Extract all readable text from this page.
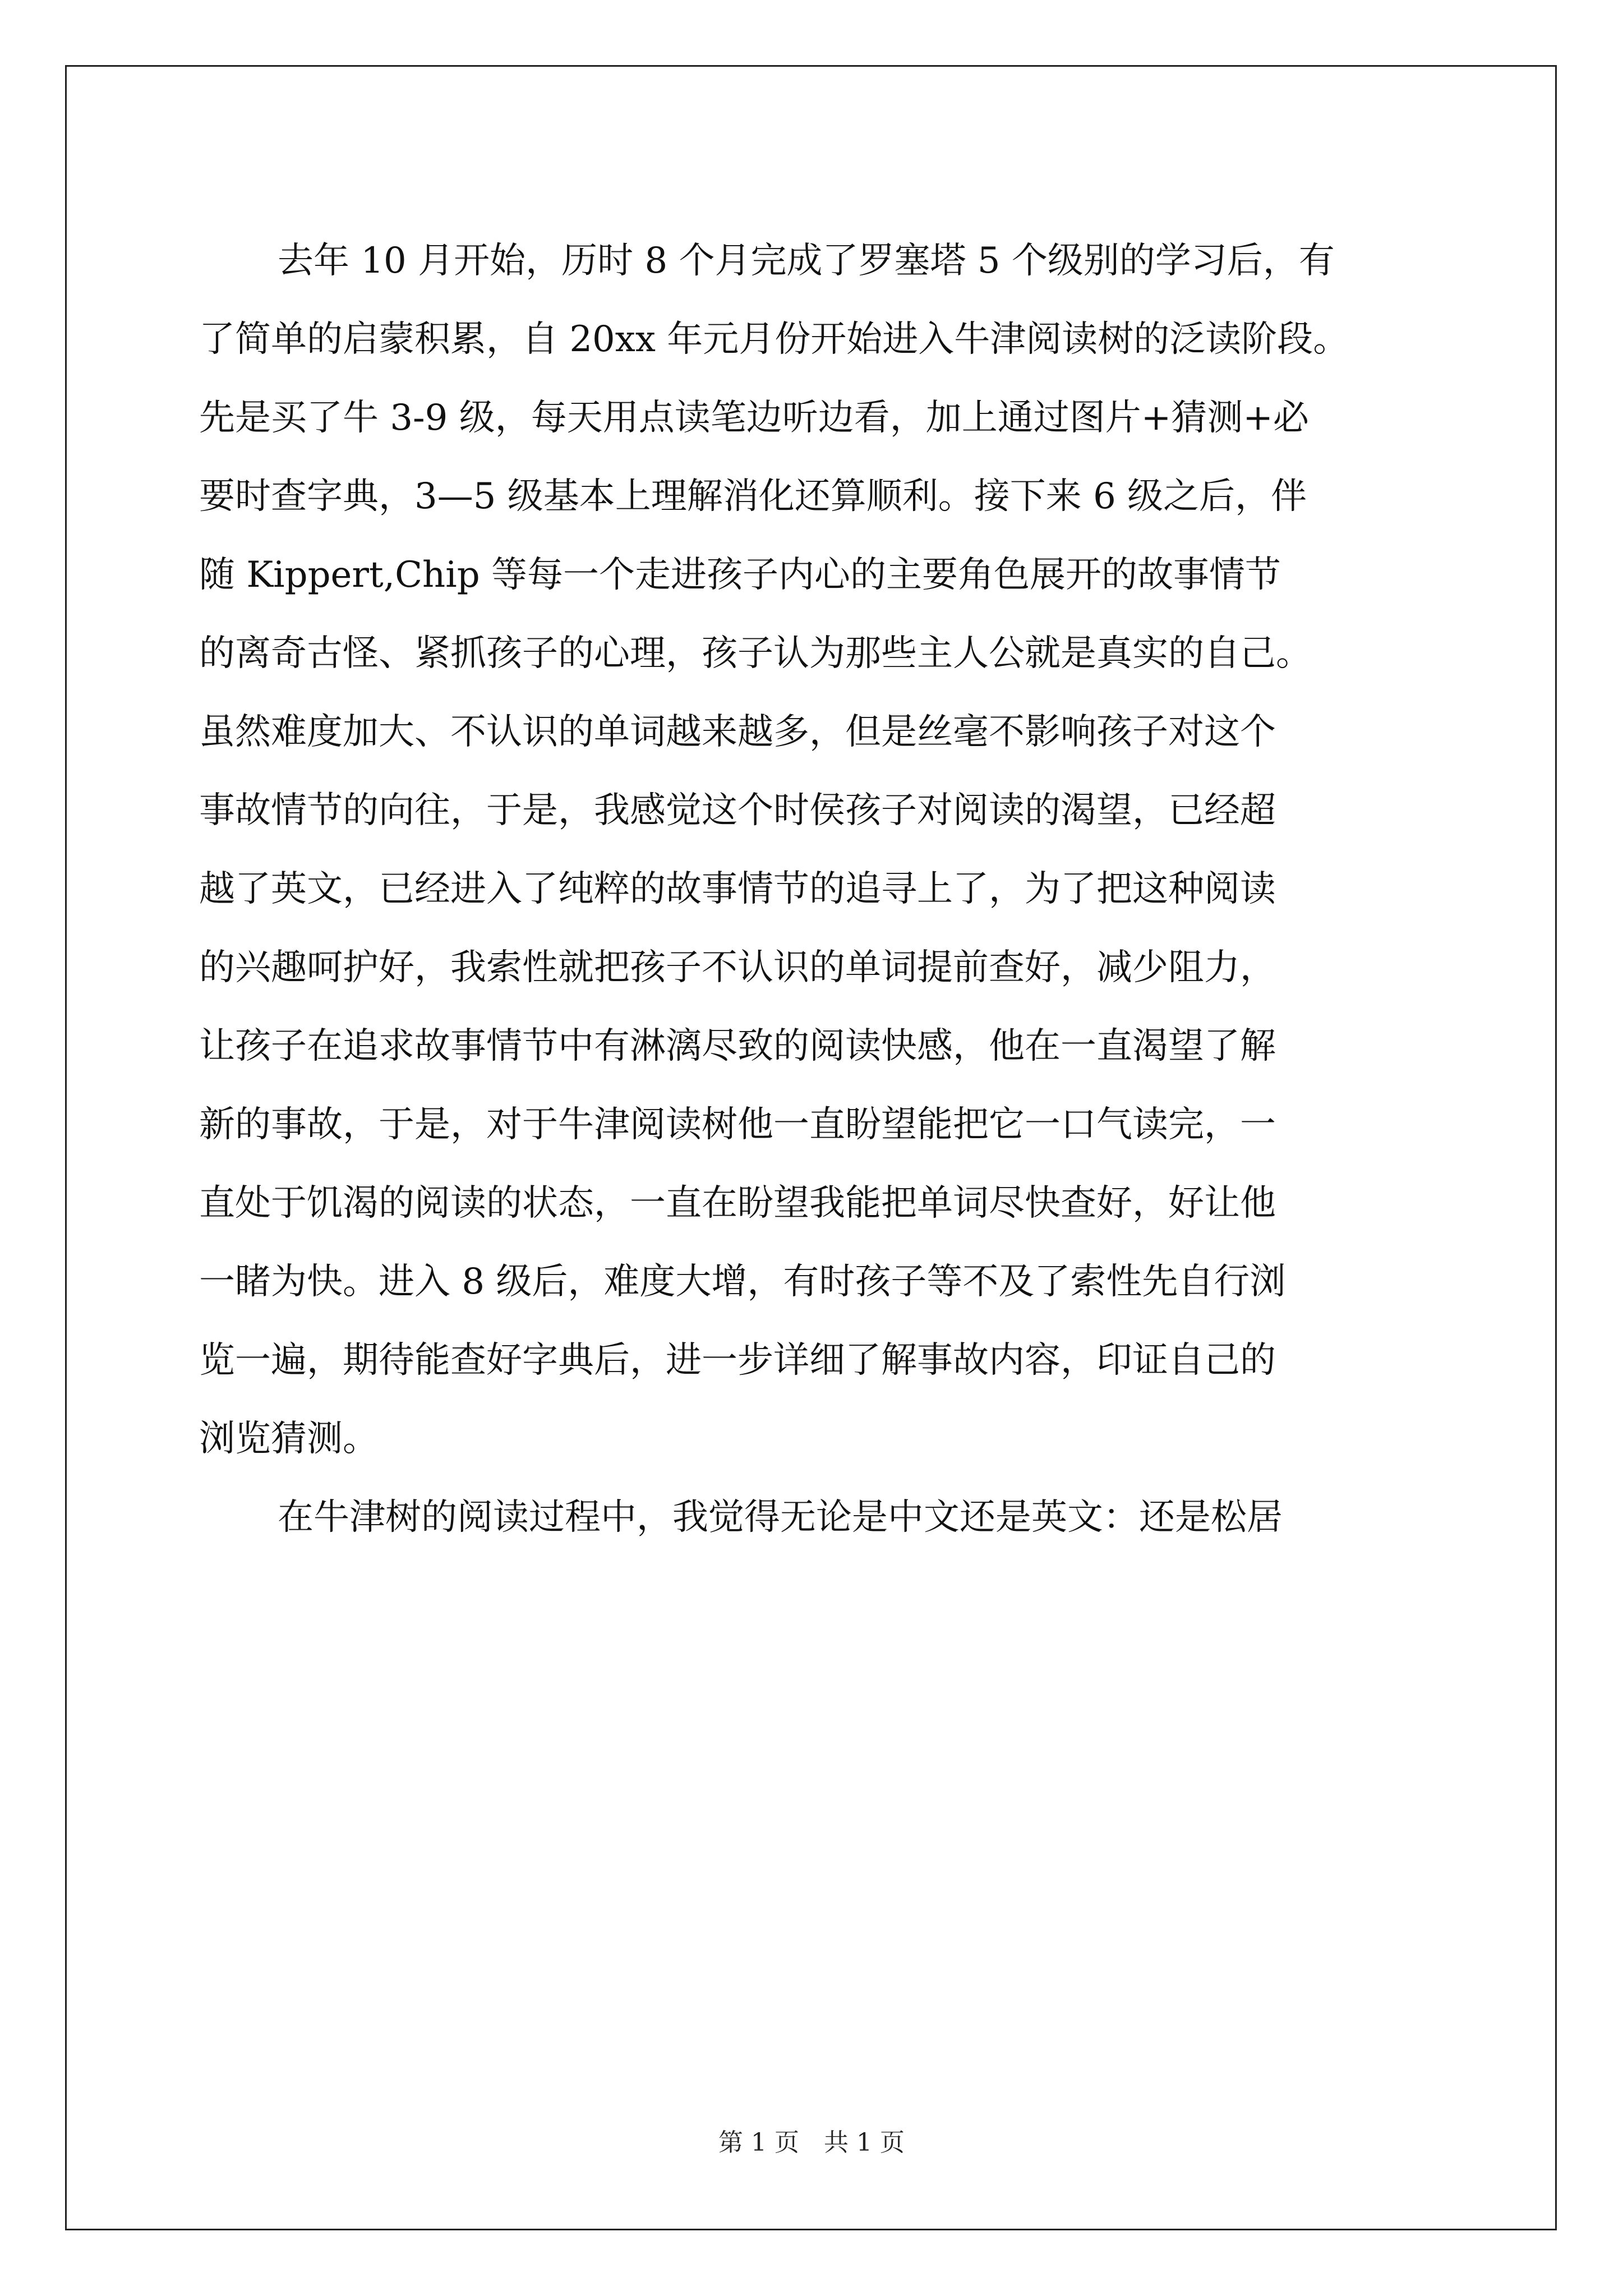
去年 10 月开始，历时 8 个月完成了罗塞塔 5 个级别的学习后，有
了简单的启蒙积累，自 20xx 年元月份开始进入牛津阅读树的泛读阶段。
先是买了牛 3-9 级，每天用点读笔边听边看，加上通过图片+猜测+必
要时查字典，3—5 级基本上理解消化还算顺利。接下来 6 级之后，伴
随 Kippert,Chip 等每一个走进孩子内心的主要角色展开的故事情节
的离奇古怪、紧抓孩子的心理，孩子认为那些主人公就是真实的自己。
虽然难度加大、不认识的单词越来越多，但是丝毫不影响孩子对这个
事故情节的向往，于是，我感觉这个时侯孩子对阅读的渴望，已经超
越了英文，已经进入了纯粹的故事情节的追寻上了，为了把这种阅读
的兴趣呵护好，我索性就把孩子不认识的单词提前查好，减少阻力，
让孩子在追求故事情节中有淋漓尽致的阅读快感，他在一直渴望了解
新的事故，于是，对于牛津阅读树他一直盼望能把它一口气读完，一
直处于饥渴的阅读的状态，一直在盼望我能把单词尽快查好，好让他
一睹为快。进入 8 级后，难度大增，有时孩子等不及了索性先自行浏
览一遍，期待能查好字典后，进一步详细了解事故内容，印证自己的
浏览猜测。
在牛津树的阅读过程中，我觉得无论是中文还是英文：还是松居
第 1 页　共 1 页
